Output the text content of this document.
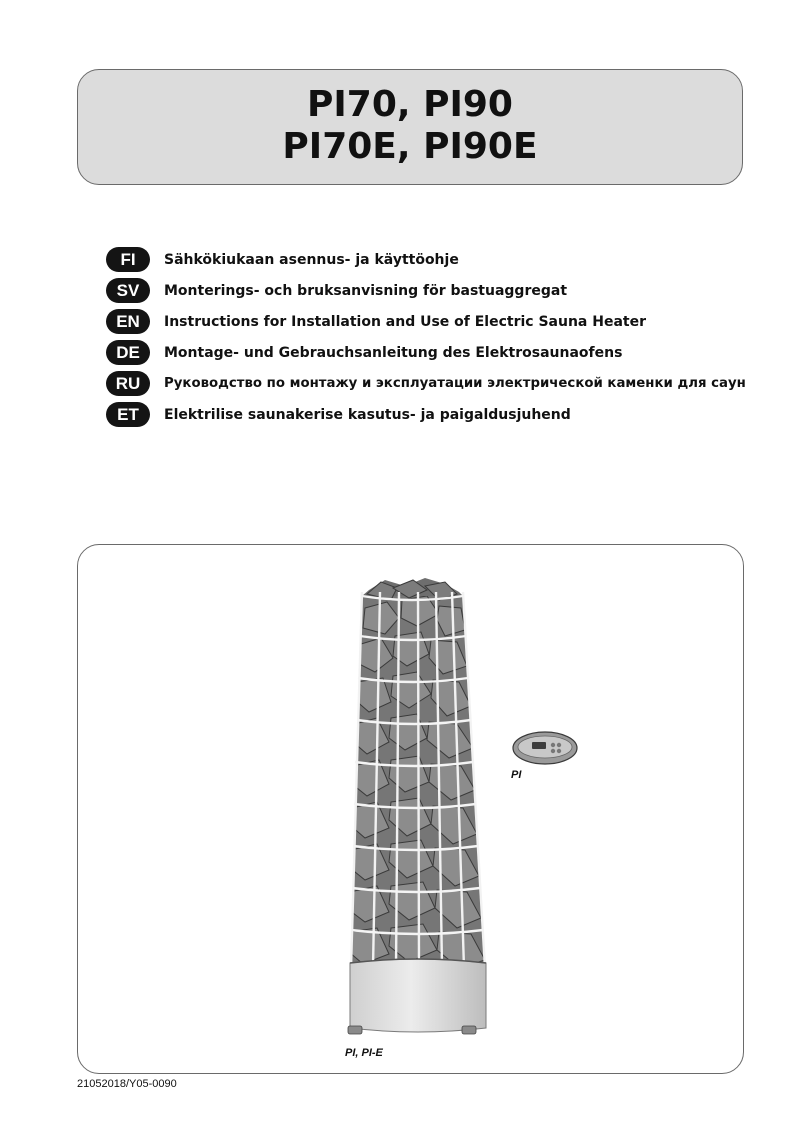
PI70, PI90
PI70E, PI90E
FI	Sähkökiukaan asennus- ja käyttöohje
SV	Monterings- och bruksanvisning för bastuaggregat
EN	Instructions for Installation and Use of Electric Sauna Heater
DE	Montage- und Gebrauchsanleitung des Elektrosaunaofens
RU	Руководство по монтажу и эксплуатации электрической каменки для саун
ET	Elektrilise saunakerise kasutus- ja paigaldusjuhend
PI
PI, PI-E
21052018/Y05-0090
